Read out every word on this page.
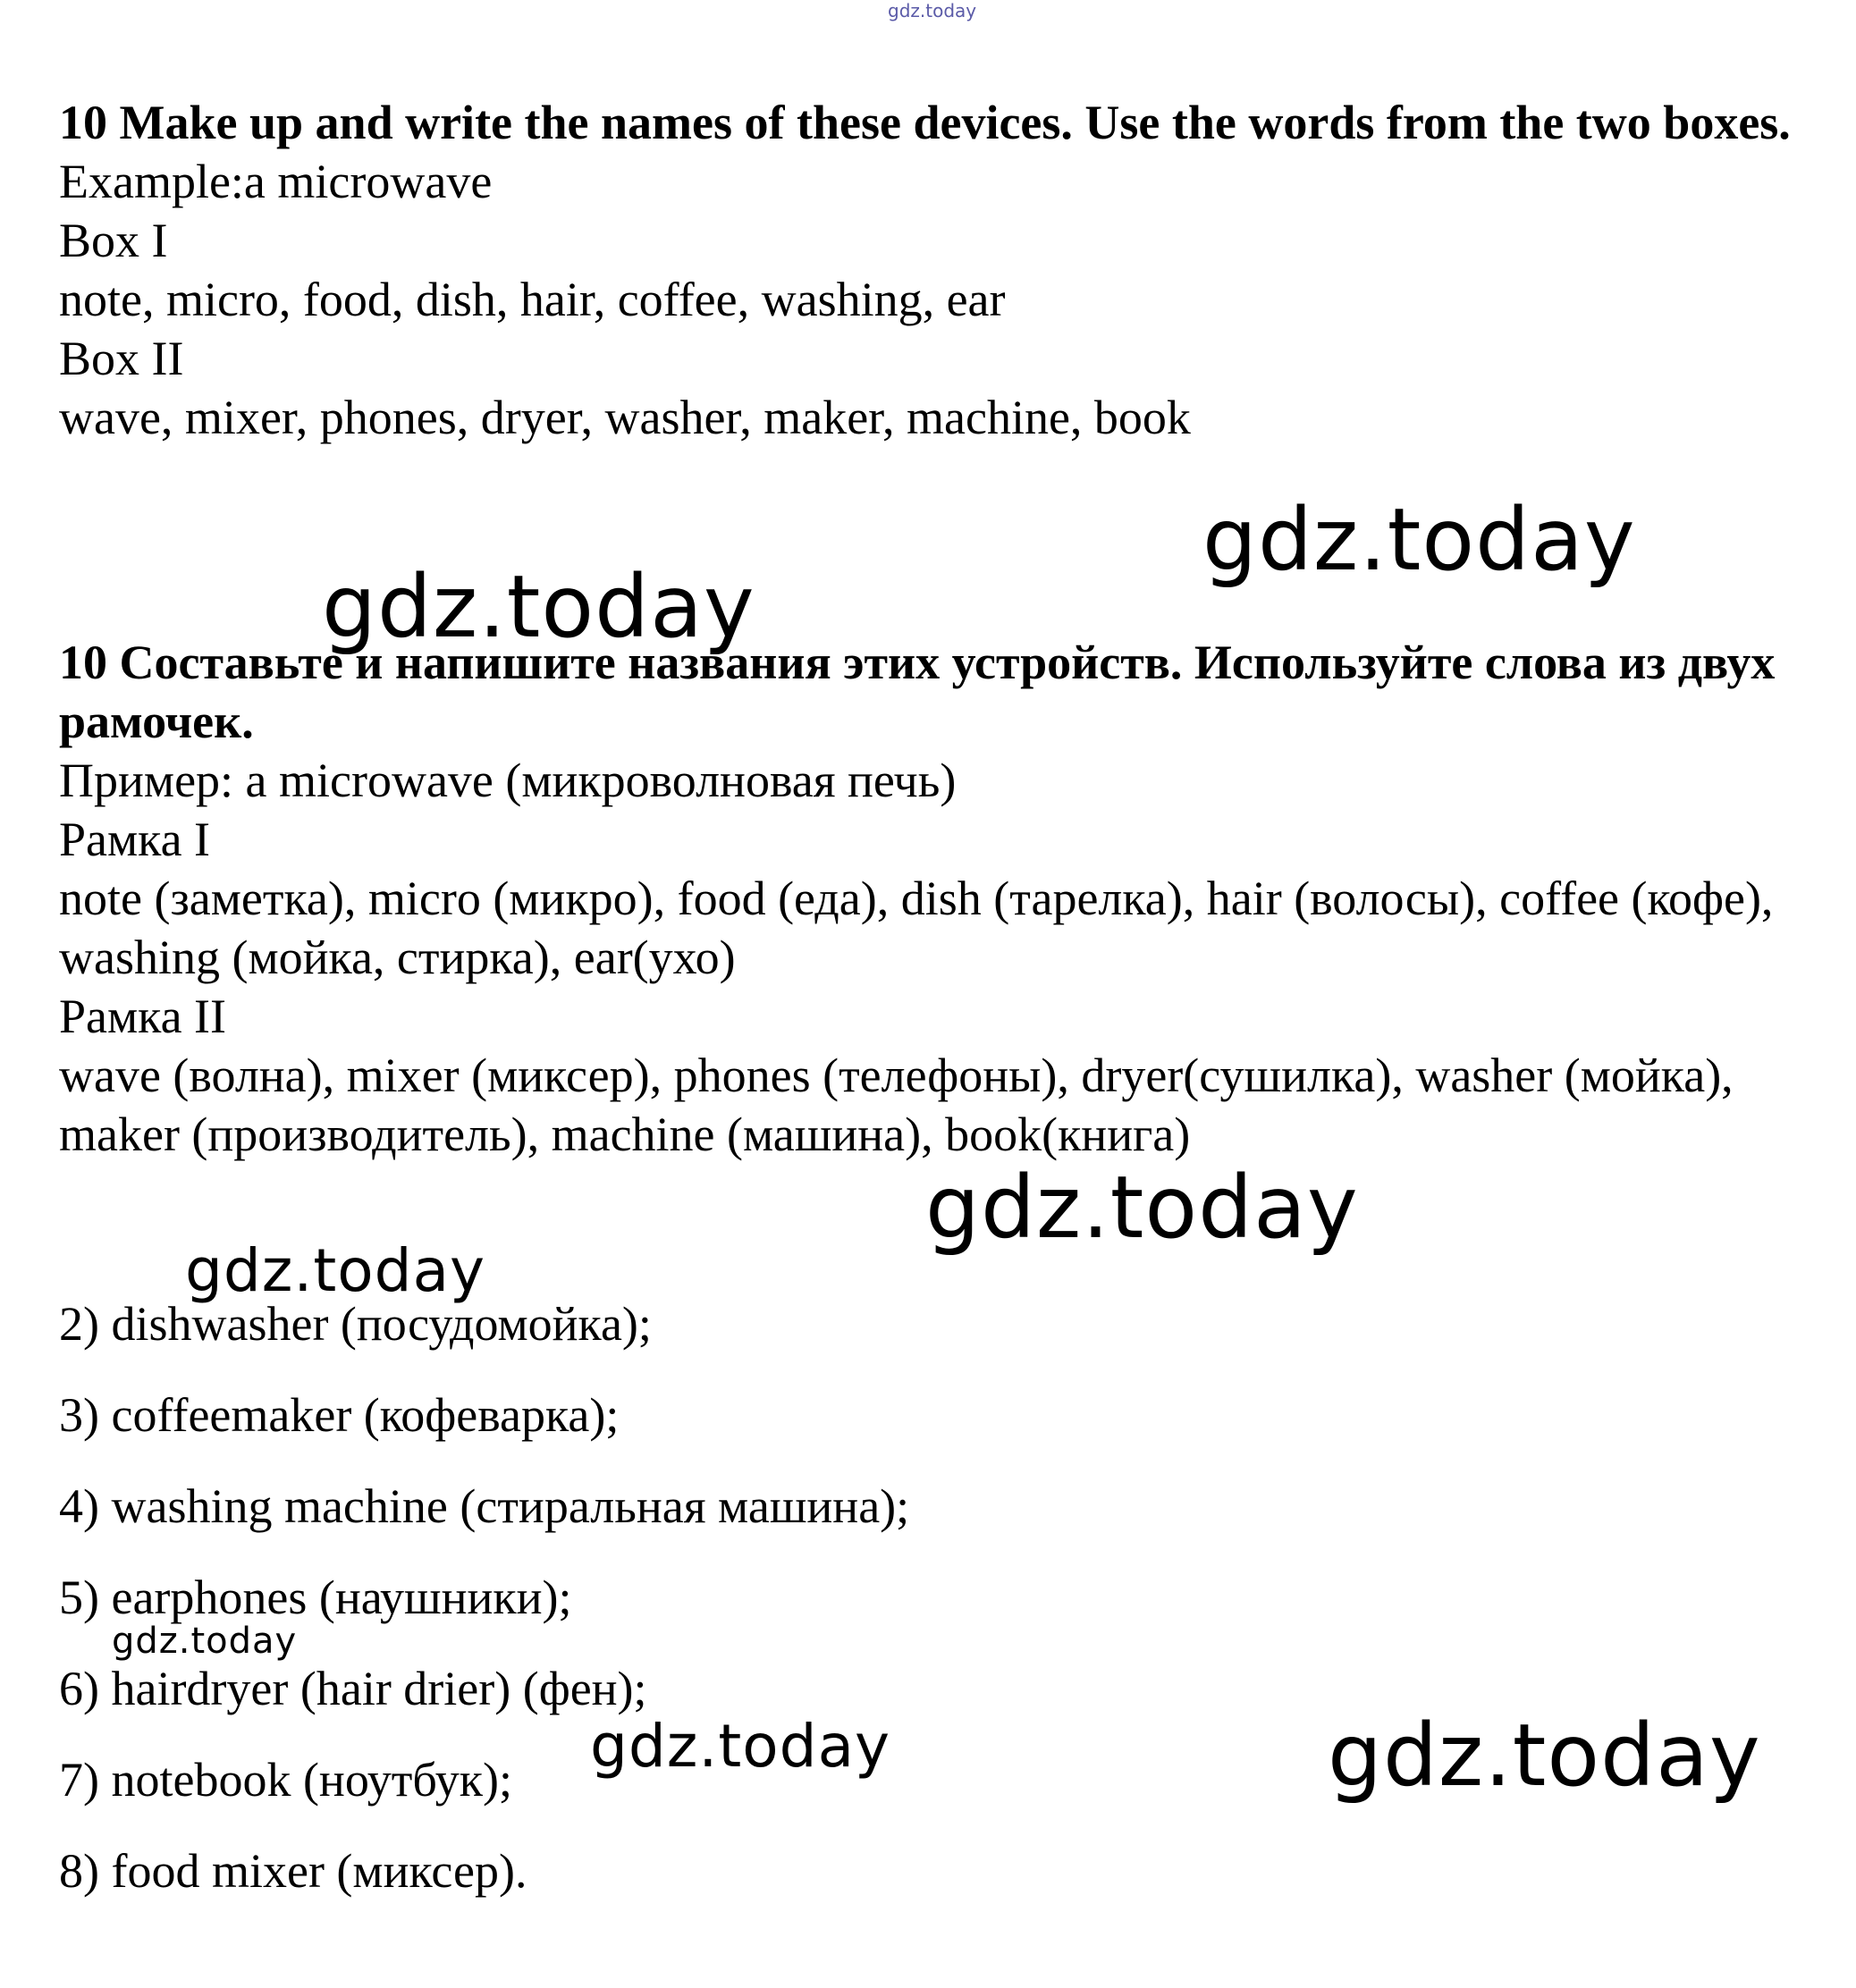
gdz.today

10 Make up and write the names of these devices. Use the words from the two boxes.

Example:a microwave

Box I

note, micro, food, dish, hair, coffee, washing, ear

Box II

wave, mixer, phones, dryer, washer, maker, machine, book

10 Составьте и напишите названия этих устройств. Используйте слова из двух рамочек.

Пример: a microwave (микроволновая печь)

Рамка I

note (заметка), micro (микро), food (еда), dish (тарелка), hair (волосы), coffee (кофе), washing (мойка, стирка), ear(ухо)

Рамка II

wave (волна), mixer (миксер), phones (телефоны), dryer(сушилка), washer (мойка), maker (производитель), machine (машина), book(книга)

2) dishwasher (посудомойка);
3) coffeemaker (кофеварка);
4) washing machine (стиральная машина);
5) earphones (наушники);
6) hairdryer (hair drier) (фен);
7) notebook (ноутбук);
8) food mixer (миксер).
gdz.today
gdz.today
gdz.today
gdz.today
gdz.today
gdz.today	gdz.today
